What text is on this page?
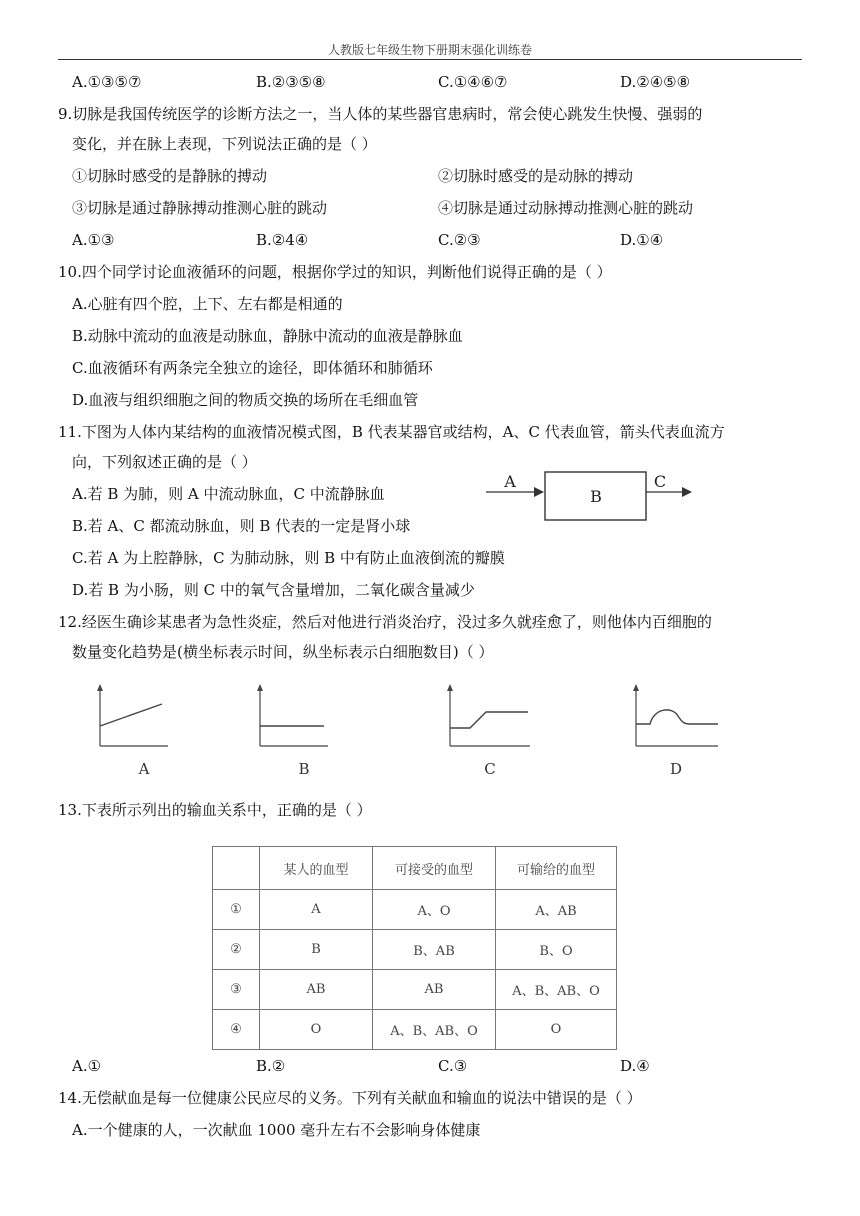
人教版七年级生物下册期末强化训练卷
A.①③⑤⑦	B.②③⑤⑧	C.①④⑥⑦	D.②④⑤⑧
9.切脉是我国传统医学的诊断方法之一，当人体的某些器官患病时，常会使心跳发生快慢、强弱的
变化，并在脉上表现，下列说法正确的是（ ）
①切脉时感受的是静脉的搏动	②切脉时感受的是动脉的搏动
③切脉是通过静脉搏动推测心脏的跳动	④切脉是通过动脉搏动推测心脏的跳动
A.①③	B.②4④	C.②③	D.①④
10.四个同学讨论血液循环的问题，根据你学过的知识，判断他们说得正确的是（ ）
A.心脏有四个腔，上下、左右都是相通的
B.动脉中流动的血液是动脉血，静脉中流动的血液是静脉血
C.血液循环有两条完全独立的途径，即体循环和肺循环
D.血液与组织细胞之间的物质交换的场所在毛细血管
11.下图为人体内某结构的血液情况模式图，B 代表某器官或结构，A、C 代表血管，箭头代表血流方
向，下列叙述正确的是（ ）
A.若 B 为肺，则 A 中流动脉血，C 中流静脉血
B.若 A、C 都流动脉血，则 B 代表的一定是肾小球
C.若 A 为上腔静脉，C 为肺动脉，则 B 中有防止血液倒流的瓣膜
D.若 B 为小肠，则 C 中的氧气含量增加，二氧化碳含量减少
A
B
C
12.经医生确诊某患者为急性炎症，然后对他进行消炎治疗，没过多久就痊愈了，则他体内百细胞的
数量变化趋势是(横坐标表示时间，纵坐标表示白细胞数目)（ ）
A	B	C	D
13.下表所示列出的输血关系中，正确的是（ ）
	某人的血型	可接受的血型	可输给的血型
①	A	A、O	A、AB
②	B	B、AB	B、O
③	AB	AB	A、B、AB、O
④	O	A、B、AB、O	O
A.①	B.②	C.③	D.④
14.无偿献血是每一位健康公民应尽的义务。下列有关献血和输血的说法中错误的是（ ）
A.一个健康的人，一次献血 1000 毫升左右不会影响身体健康
